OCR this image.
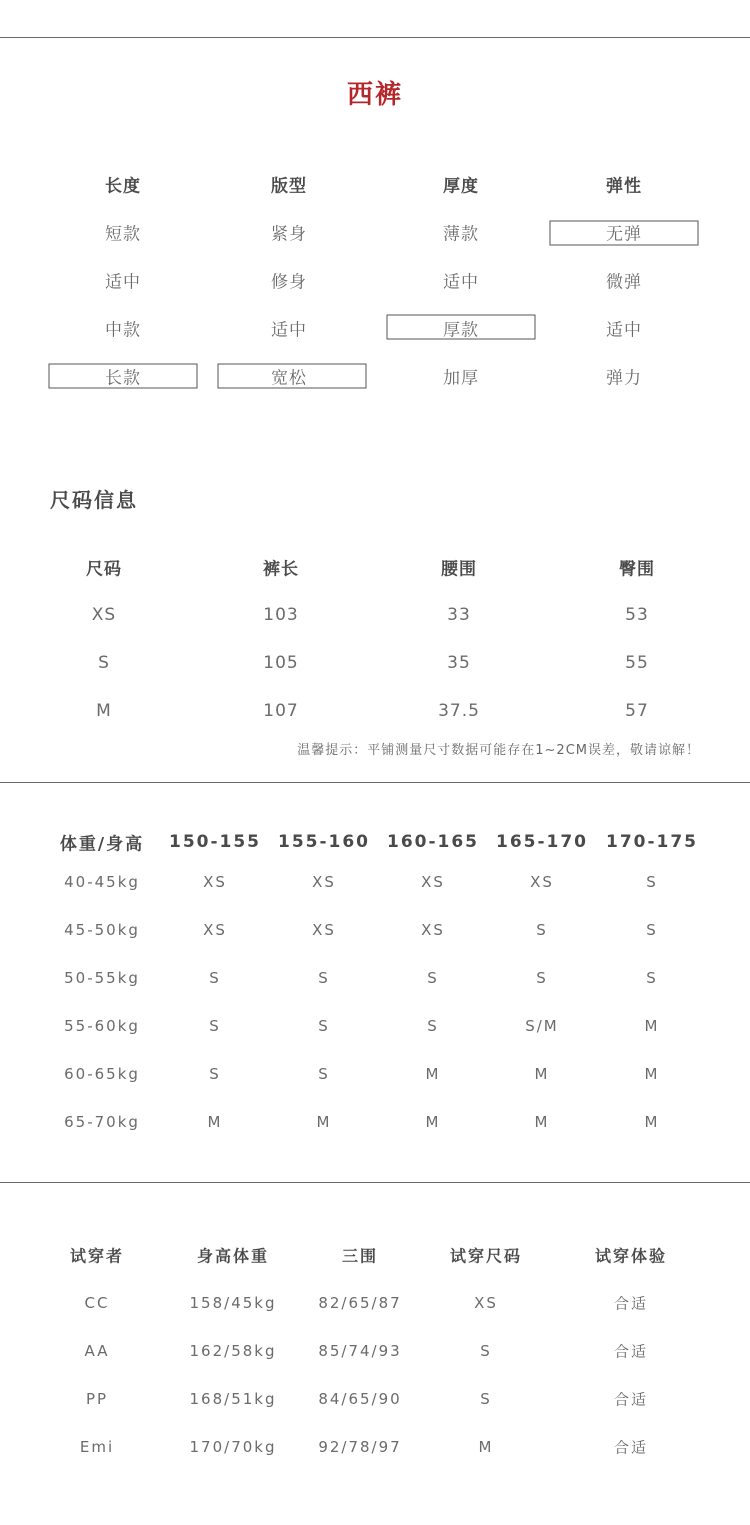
西裤
长度	版型	厚度	弹性
短款	紧身	薄款	无弹
适中	修身	适中	微弹
中款	适中	厚款	适中
长款	宽松	加厚	弹力
尺码信息
尺码	裤长	腰围	臀围
XS	103	33	53
S	105	35	55
M	107	37.5	57
温馨提示：平铺测量尺寸数据可能存在1~2CM误差，敬请谅解！
体重/身高 150-155 155-160 160-165 165-170 170-175
40-45kg	XS	XS	XS	XS	S
45-50kg	XS	XS	XS	S	S
50-55kg	S	S	S	S	S
55-60kg	S	S	S	S/M	M
60-65kg	S	S	M	M	M
65-70kg	M	M	M	M	M
试穿者	身高体重	三围	试穿尺码	试穿体验
CC	158/45kg	82/65/87	XS	合适
AA	162/58kg	85/74/93	S	合适
PP	168/51kg	84/65/90	S	合适
Emi	170/70kg	92/78/97	M	合适
